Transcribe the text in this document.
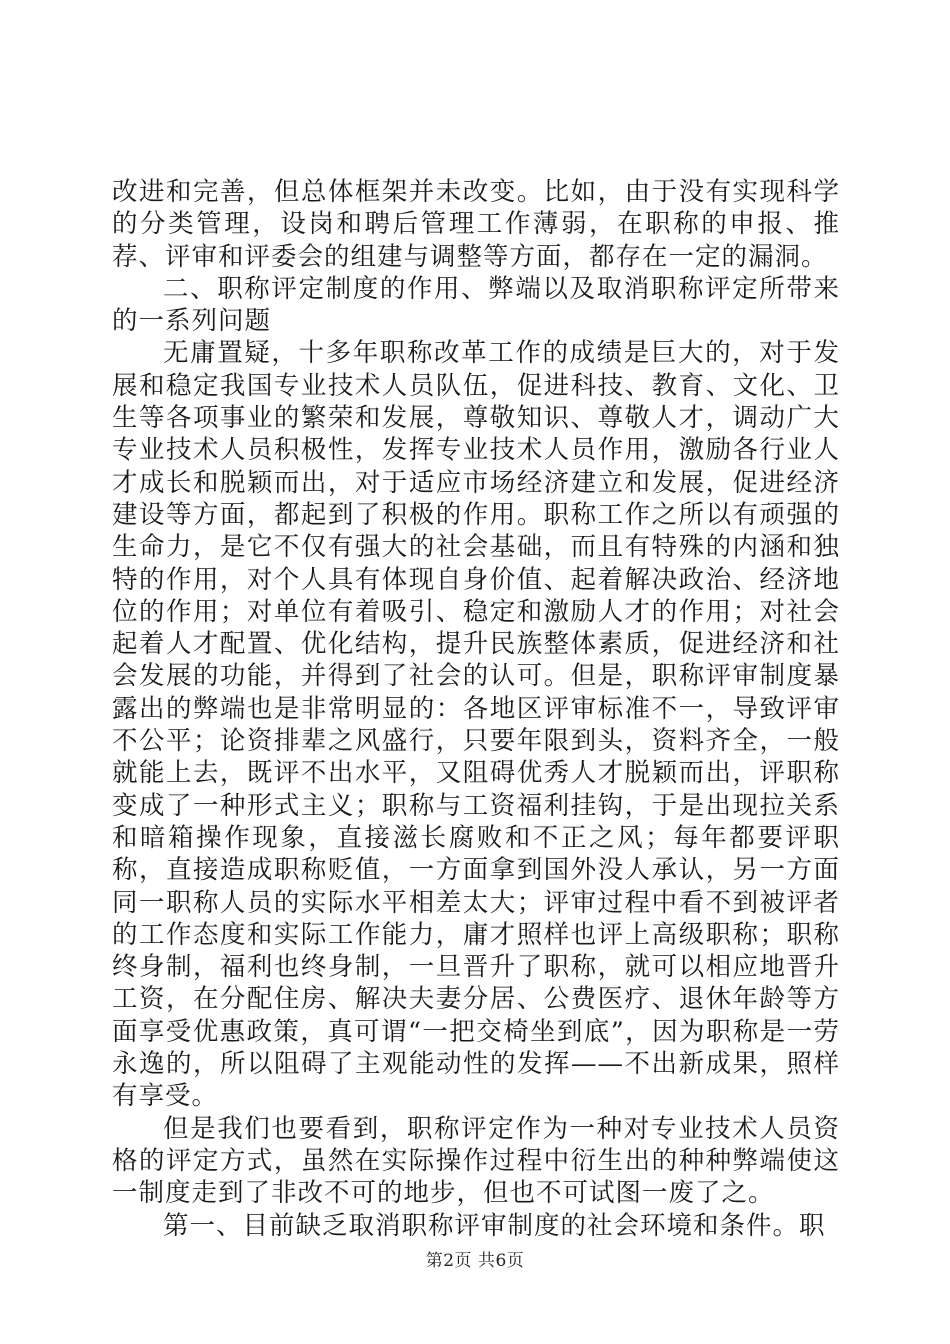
改进和完善，但总体框架并未改变。比如，由于没有实现科学的分类管理，设岗和聘后管理工作薄弱，在职称的申报、推荐、评审和评委会的组建与调整等方面，都存在一定的漏洞。

二、职称评定制度的作用、弊端以及取消职称评定所带来的一系列问题

无庸置疑，十多年职称改革工作的成绩是巨大的，对于发展和稳定我国专业技术人员队伍，促进科技、教育、文化、卫生等各项事业的繁荣和发展，尊敬知识、尊敬人才，调动广大专业技术人员积极性，发挥专业技术人员作用，激励各行业人才成长和脱颖而出，对于适应市场经济建立和发展，促进经济建设等方面，都起到了积极的作用。职称工作之所以有顽强的生命力，是它不仅有强大的社会基础，而且有特殊的内涵和独特的作用，对个人具有体现自身价值、起着解决政治、经济地位的作用；对单位有着吸引、稳定和激励人才的作用；对社会起着人才配置、优化结构，提升民族整体素质，促进经济和社会发展的功能，并得到了社会的认可。但是，职称评审制度暴露出的弊端也是非常明显的：各地区评审标准不一，导致评审不公平；论资排辈之风盛行，只要年限到头，资料齐全，一般就能上去，既评不出水平，又阻碍优秀人才脱颖而出，评职称变成了一种形式主义；职称与工资福利挂钩，于是出现拉关系和暗箱操作现象，直接滋长腐败和不正之风；每年都要评职称，直接造成职称贬值，一方面拿到国外没人承认，另一方面同一职称人员的实际水平相差太大；评审过程中看不到被评者的工作态度和实际工作能力，庸才照样也评上高级职称；职称终身制，福利也终身制，一旦晋升了职称，就可以相应地晋升工资，在分配住房、解决夫妻分居、公费医疗、退休年龄等方面享受优惠政策，真可谓“一把交椅坐到底”，因为职称是一劳永逸的，所以阻碍了主观能动性的发挥——不出新成果，照样有享受。

但是我们也要看到，职称评定作为一种对专业技术人员资格的评定方式，虽然在实际操作过程中衍生出的种种弊端使这一制度走到了非改不可的地步，但也不可试图一废了之。

第一、目前缺乏取消职称评审制度的社会环境和条件。职

第2页 共6页
